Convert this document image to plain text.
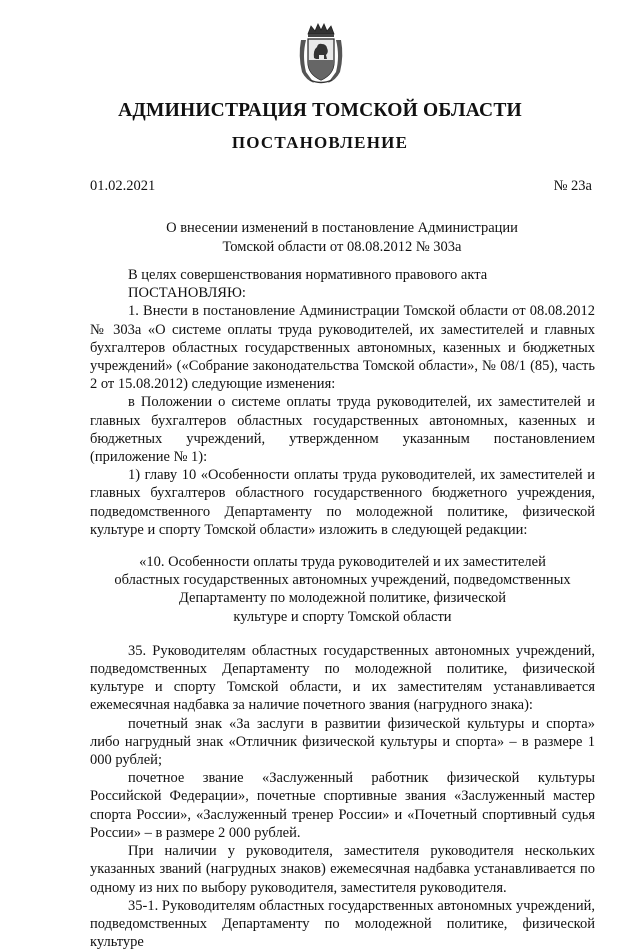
АДМИНИСТРАЦИЯ ТОМСКОЙ ОБЛАСТИ
ПОСТАНОВЛЕНИЕ
01.02.2021	№ 23а
О внесении изменений в постановление Администрации
Томской области от 08.08.2012 № 303а

В целях совершенствования нормативного правового акта

ПОСТАНОВЛЯЮ:

1. Внести в постановление Администрации Томской области от 08.08.2012 № 303а «О системе оплаты труда руководителей, их заместителей и главных бухгалтеров областных государственных автономных, казенных и бюджетных учреждений» («Собрание законодательства Томской области», № 08/1 (85), часть 2 от 15.08.2012) следующие изменения:

в Положении о системе оплаты труда руководителей, их заместителей и главных бухгалтеров областных государственных автономных, казенных и бюджетных учреждений, утвержденном указанным постановлением (приложение № 1):

1) главу 10 «Особенности оплаты труда руководителей, их заместителей и главных бухгалтеров областного государственного бюджетного учреждения, подведомственного Департаменту по молодежной политике, физической культуре и спорту Томской области» изложить в следующей редакции:

«10. Особенности оплаты труда руководителей и их заместителей
областных государственных автономных учреждений, подведомственных
Департаменту по молодежной политике, физической
культуре и спорту Томской области

35. Руководителям областных государственных автономных учреждений, подведомственных Департаменту по молодежной политике, физической культуре и спорту Томской области, и их заместителям устанавливается ежемесячная надбавка за наличие почетного звания (нагрудного знака):

почетный знак «За заслуги в развитии физической культуры и спорта» либо нагрудный знак «Отличник физической культуры и спорта» – в размере 1 000 рублей;

почетное звание «Заслуженный работник физической культуры Российской Федерации», почетные спортивные звания «Заслуженный мастер спорта России», «Заслуженный тренер России» и «Почетный спортивный судья России» – в размере 2 000 рублей.

При наличии у руководителя, заместителя руководителя нескольких указанных званий (нагрудных знаков) ежемесячная надбавка устанавливается по одному из них по выбору руководителя, заместителя руководителя.

35-1. Руководителям областных государственных автономных учреждений, подведомственных Департаменту по молодежной политике, физической культуре
